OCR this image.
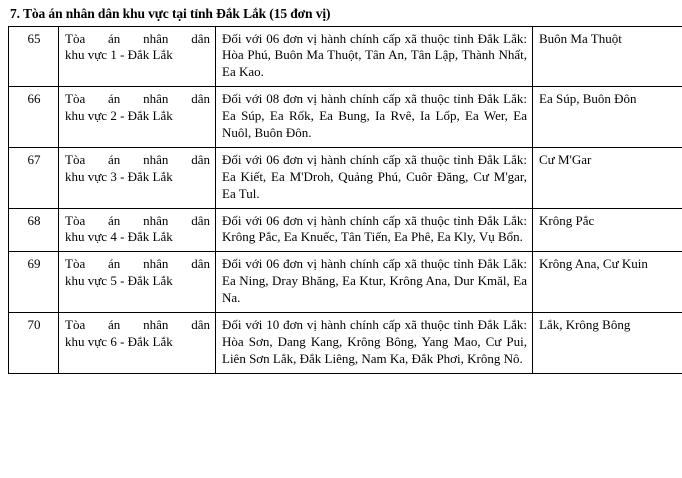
7. Tòa án nhân dân khu vực tại tỉnh Đắk Lắk (15 đơn vị)
65	Tòa án nhân dân
khu vực 1 - Đắk Lắk	Đối với 06 đơn vị hành chính cấp xã thuộc tỉnh Đắk Lắk: Hòa Phú, Buôn Ma Thuột, Tân An, Tân Lập, Thành Nhất, Ea Kao.	Buôn Ma Thuột
66	Tòa án nhân dân
khu vực 2 - Đắk Lắk	Đối với 08 đơn vị hành chính cấp xã thuộc tỉnh Đắk Lắk: Ea Súp, Ea Rốk, Ea Bung, Ia Rvê, Ia Lốp, Ea Wer, Ea Nuôl, Buôn Đôn.	Ea Súp, Buôn Đôn
67	Tòa án nhân dân
khu vực 3 - Đắk Lắk	Đối với 06 đơn vị hành chính cấp xã thuộc tỉnh Đắk Lắk: Ea Kiết, Ea M'Droh, Quảng Phú, Cuôr Đăng, Cư M'gar, Ea Tul.	Cư M'Gar
68	Tòa án nhân dân
khu vực 4 - Đắk Lắk	Đối với 06 đơn vị hành chính cấp xã thuộc tỉnh Đắk Lắk: Krông Pắc, Ea Knuếc, Tân Tiến, Ea Phê, Ea Kly, Vụ Bổn.	Krông Pắc
69	Tòa án nhân dân
khu vực 5 - Đắk Lắk	Đối với 06 đơn vị hành chính cấp xã thuộc tỉnh Đắk Lắk: Ea Ning, Dray Bhăng, Ea Ktur, Krông Ana, Dur Kmăl, Ea Na.	Krông Ana, Cư Kuin
70	Tòa án nhân dân
khu vực 6 - Đắk Lắk	Đối với 10 đơn vị hành chính cấp xã thuộc tỉnh Đắk Lắk: Hòa Sơn, Dang Kang, Krông Bông, Yang Mao, Cư Pui, Liên Sơn Lắk, Đắk Liêng, Nam Ka, Đắk Phơi, Krông Nô.	Lắk, Krông Bông
